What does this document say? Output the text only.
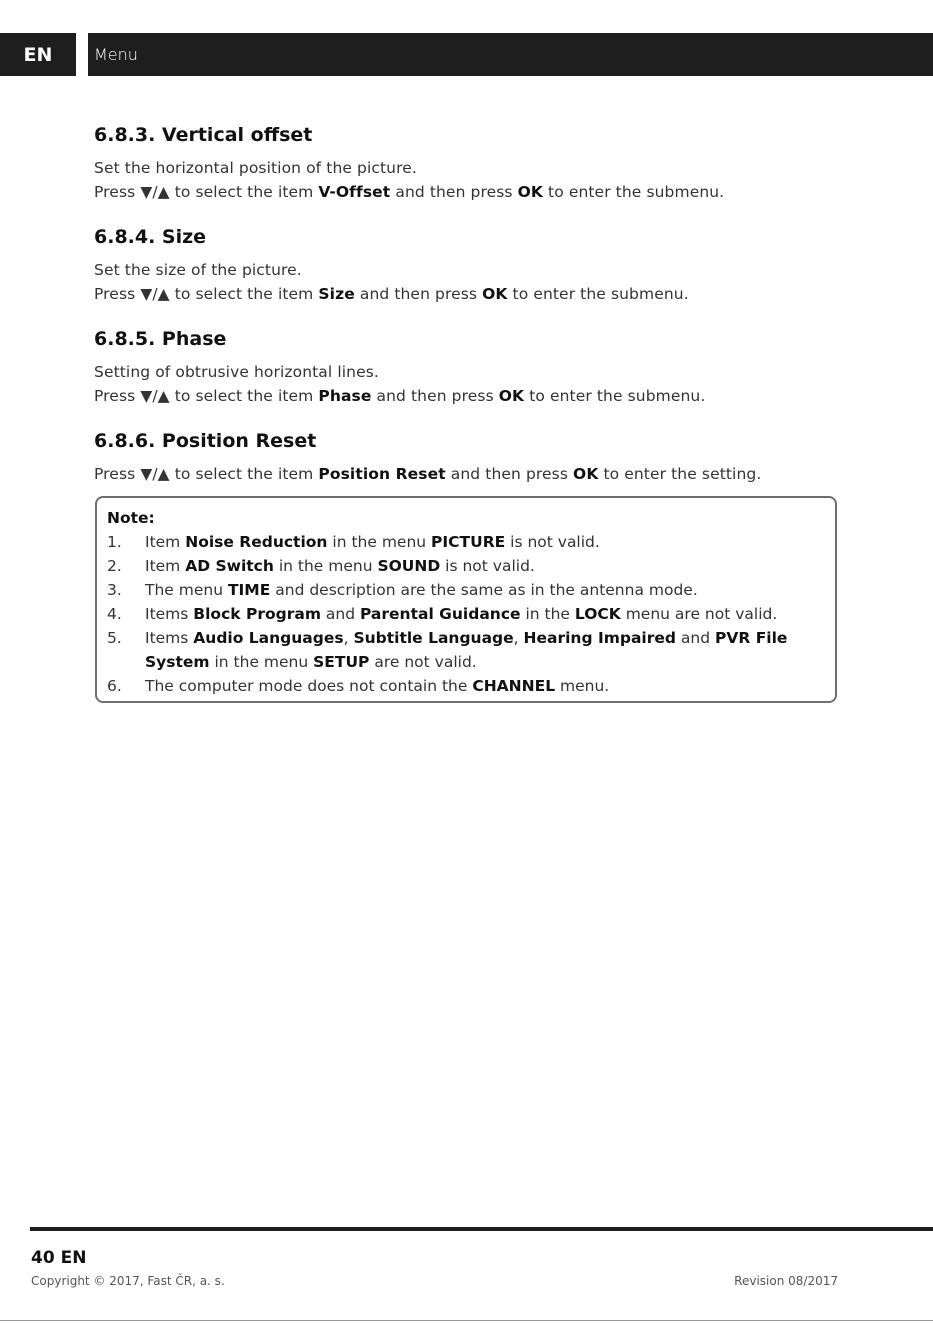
EN	Menu
6.8.3. Vertical offset

Set the horizontal position of the picture.

Press ▼/▲ to select the item V-Offset and then press OK to enter the submenu.

6.8.4. Size

Set the size of the picture.

Press ▼/▲ to select the item Size and then press OK to enter the submenu.

6.8.5. Phase

Setting of obtrusive horizontal lines.

Press ▼/▲ to select the item Phase and then press OK to enter the submenu.

6.8.6. Position Reset

Press ▼/▲ to select the item Position Reset and then press OK to enter the setting.

Note:
1.	Item Noise Reduction in the menu PICTURE is not valid.
2.	Item AD Switch in the menu SOUND is not valid.
3.	The menu TIME and description are the same as in the antenna mode.
4.	Items Block Program and Parental Guidance in the LOCK menu are not valid.
5.	Items Audio Languages, Subtitle Language, Hearing Impaired and PVR File System in the menu SETUP are not valid.
6.	The computer mode does not contain the CHANNEL menu.
40 EN
Copyright © 2017, Fast ČR, a. s.	Revision 08/2017
